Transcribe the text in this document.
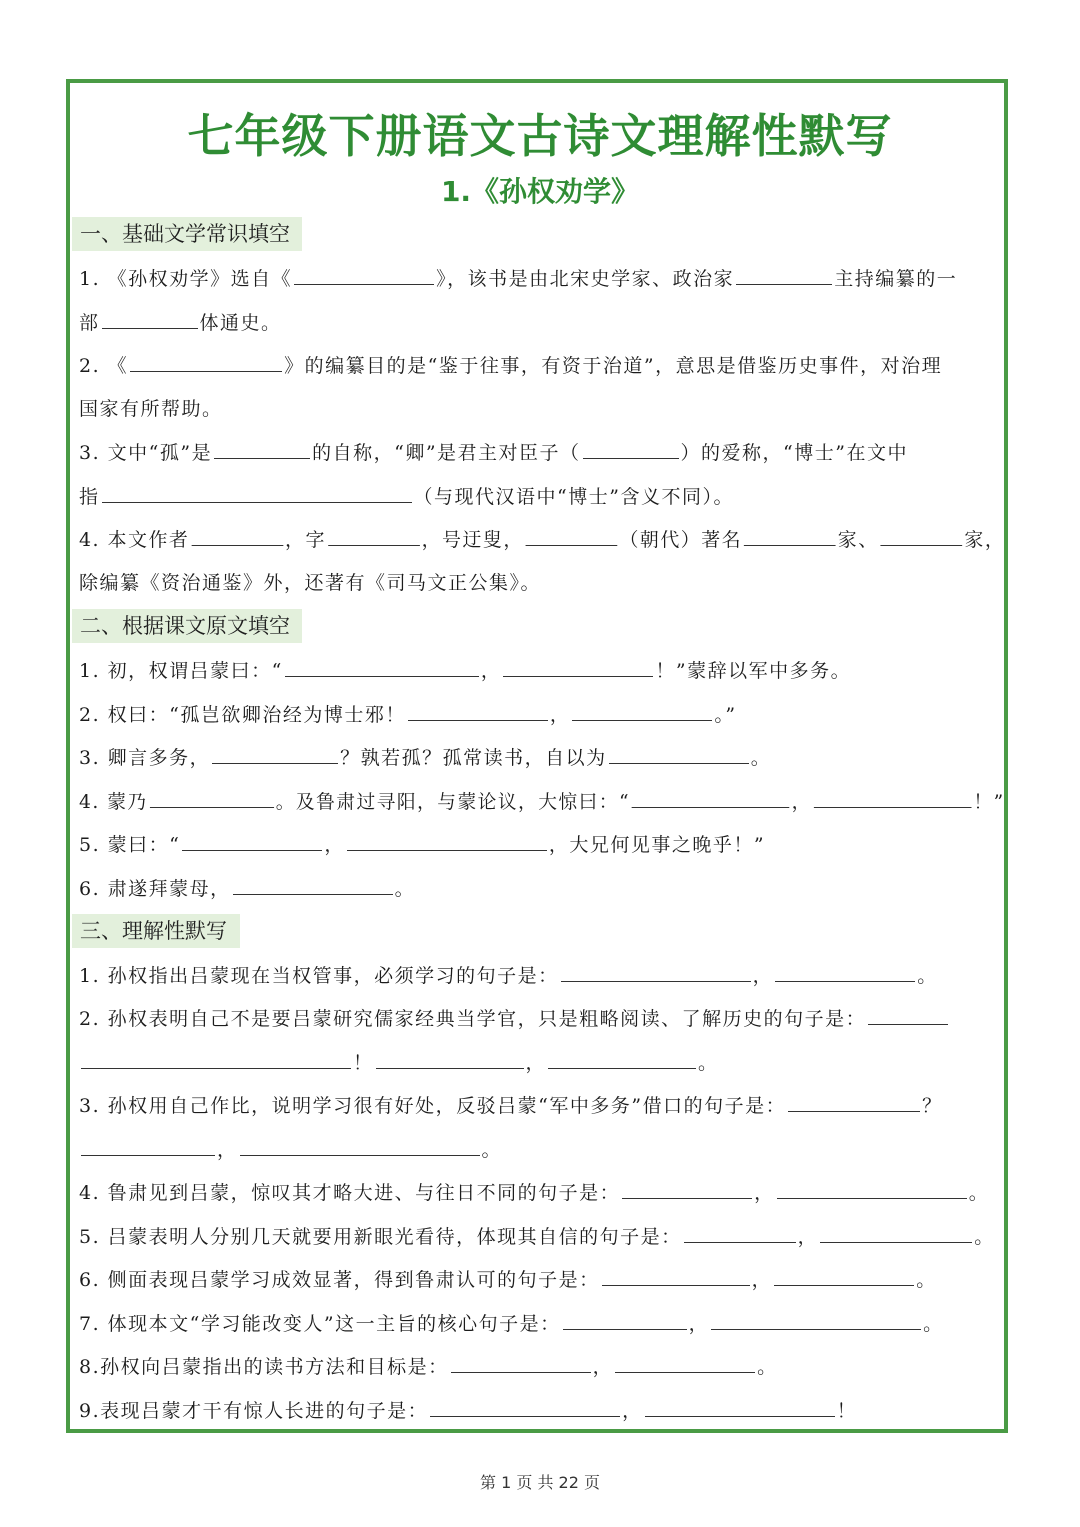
七年级下册语文古诗文理解性默写
1.《孙权劝学》
一、基础文学常识填空
1. 《孙权劝学》选自《	》，该书是由北宋史学家、政治家	主持编纂的一
部	体通史。
2. 《	》的编纂目的是“鉴于往事，有资于治道”，意思是借鉴历史事件，对治理
国家有所帮助。
3. 文中“孤”是	的自称，“卿”是君主对臣子（	）的爱称，“博士”在文中
指	（与现代汉语中“博士”含义不同）。
4. 本文作者	，字	，号迂叟，	（朝代）著名	家、	家，
除编纂《资治通鉴》外，还著有《司马文正公集》。
二、根据课文原文填空
1. 初，权谓吕蒙曰：“	，	！”蒙辞以军中多务。
2. 权曰：“孤岂欲卿治经为博士邪！	，	。”
3. 卿言多务，	？孰若孤？孤常读书，自以为	。
4. 蒙乃	。及鲁肃过寻阳，与蒙论议，大惊曰：“	，	！”
5. 蒙曰：“	，	，大兄何见事之晚乎！”
6. 肃遂拜蒙母，	。
三、理解性默写
1. 孙权指出吕蒙现在当权管事，必须学习的句子是：	，	。
2. 孙权表明自己不是要吕蒙研究儒家经典当学官，只是粗略阅读、了解历史的句子是：
！	，	。
3. 孙权用自己作比，说明学习很有好处，反驳吕蒙“军中多务”借口的句子是：	？
，	。
4. 鲁肃见到吕蒙，惊叹其才略大进、与往日不同的句子是：	，	。
5. 吕蒙表明人分别几天就要用新眼光看待，体现其自信的句子是：	，	。
6. 侧面表现吕蒙学习成效显著，得到鲁肃认可的句子是：	，	。
7. 体现本文“学习能改变人”这一主旨的核心句子是：	，	。
8.孙权向吕蒙指出的读书方法和目标是：	，	。
9.表现吕蒙才干有惊人长进的句子是：	，	！
第 1 页 共 22 页
